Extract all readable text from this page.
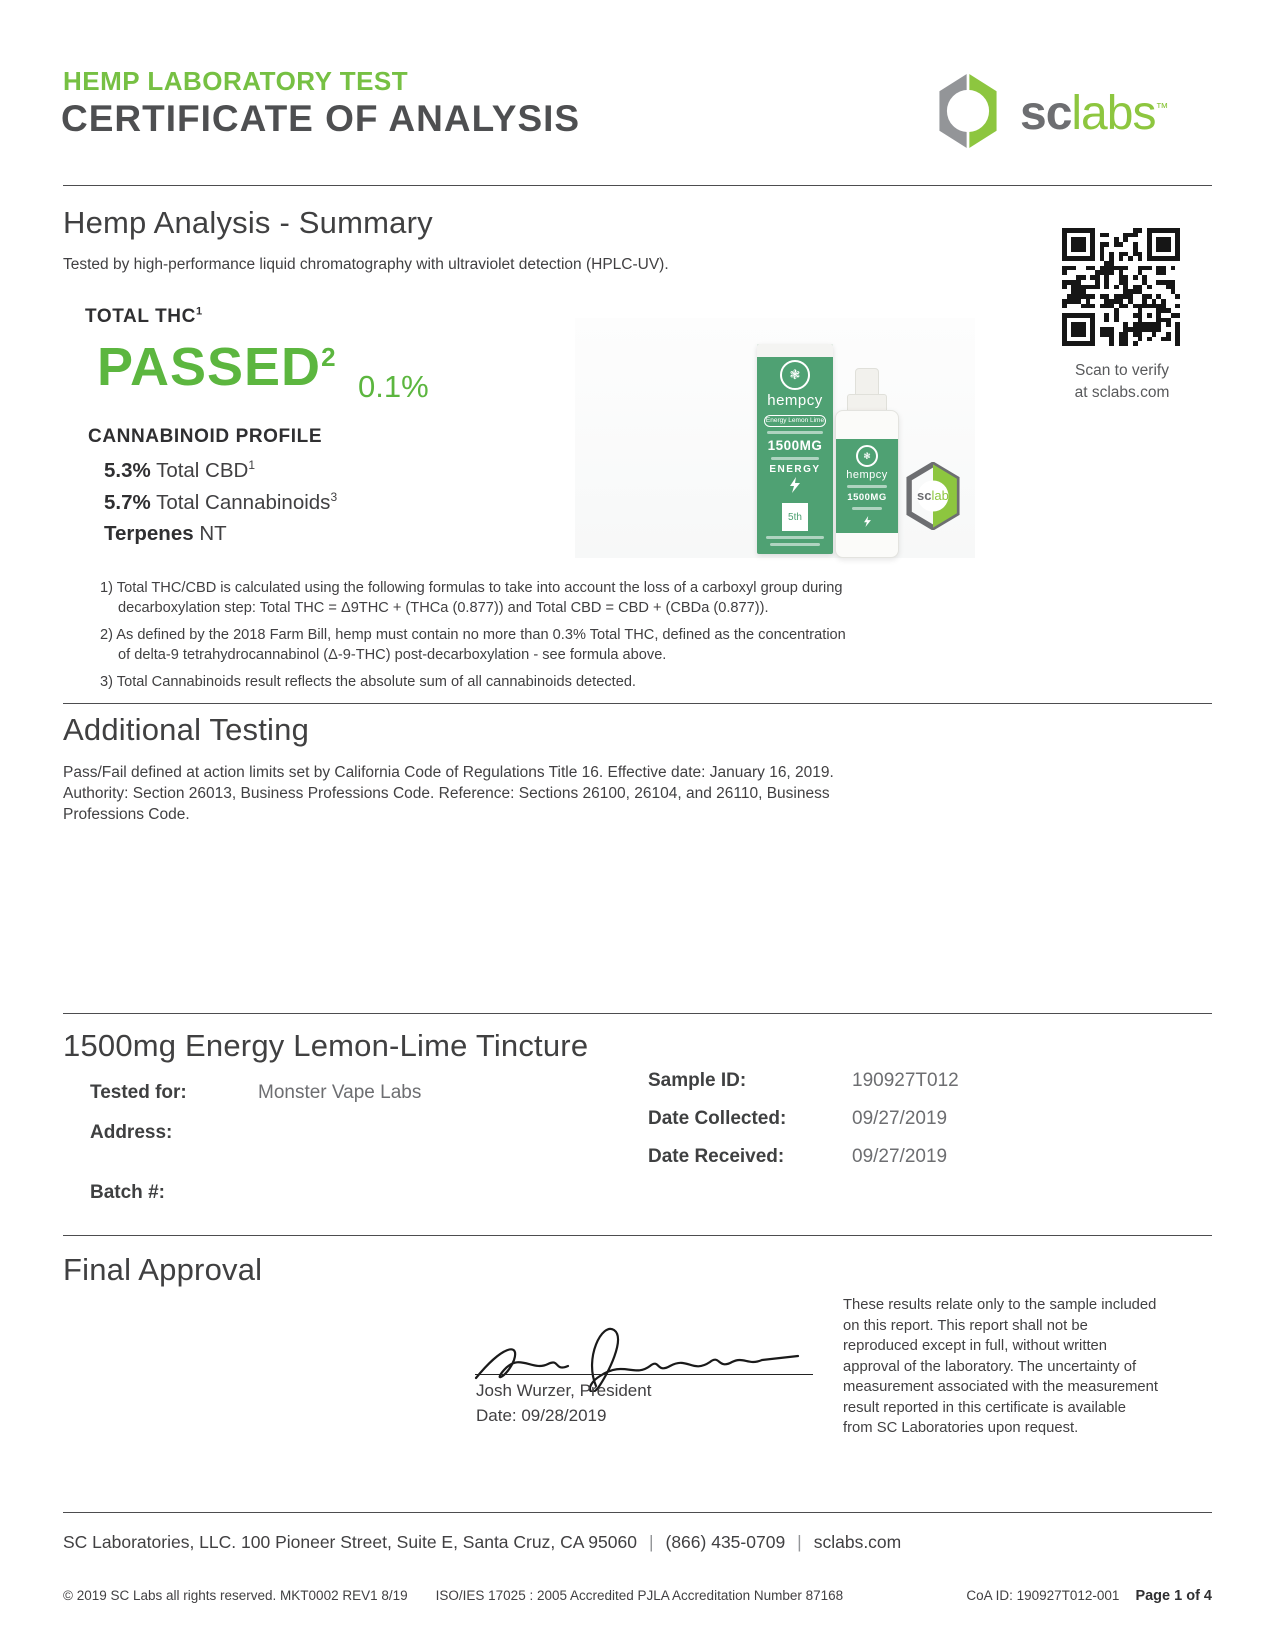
HEMP LABORATORY TEST
CERTIFICATE OF ANALYSIS	sclabs™
Hemp Analysis - Summary
Tested by high-performance liquid chromatography with ultraviolet detection (HPLC-UV).
Scan to verify
at sclabs.com
TOTAL THC$^1$
PASSED$^2$
0.1%	❃
hempcy
Energy Lemon Lime
1500MG
ENERGY
5th
❃
hempcy
1500MG	sclabs
CANNABINOID PROFILE
5.3% Total CBD$^1$
5.7% Total Cannabinoids$^3$
Terpenes NT
1) Total THC/CBD is calculated using the following formulas to take into account the loss of a carboxyl group during decarboxylation step: Total THC = Δ9THC + (THCa (0.877)) and Total CBD = CBD + (CBDa (0.877)).
2) As defined by the 2018 Farm Bill, hemp must contain no more than 0.3% Total THC, defined as the concentration of delta-9 tetrahydrocannabinol (Δ-9-THC) post-decarboxylation - see formula above.
3) Total Cannabinoids result reflects the absolute sum of all cannabinoids detected.
Additional Testing
Pass/Fail defined at action limits set by California Code of Regulations Title 16. Effective date: January 16, 2019. Authority: Section 26013, Business Professions Code. Reference: Sections 26100, 26104, and 26110, Business Professions Code.
1500mg Energy Lemon-Lime Tincture
Tested for:	Monster Vape Labs
Address:
Batch #:
Sample ID:	190927T012
Date Collected:	09/27/2019
Date Received:	09/27/2019
Final Approval
Josh Wurzer, President
Date: 09/28/2019
These results relate only to the sample included on this report. This report shall not be reproduced except in full, without written approval of the laboratory. The uncertainty of measurement associated with the measurement result reported in this certificate is available from SC Laboratories upon request.
SC Laboratories, LLC. 100 Pioneer Street, Suite E, Santa Cruz, CA 95060 | (866) 435-0709 | sclabs.com
© 2019 SC Labs all rights reserved. MKT0002 REV1 8/19 ISO/IES 17025 : 2005 Accredited PJLA Accreditation Number 87168	CoA ID: 190927T012-001 Page 1 of 4
